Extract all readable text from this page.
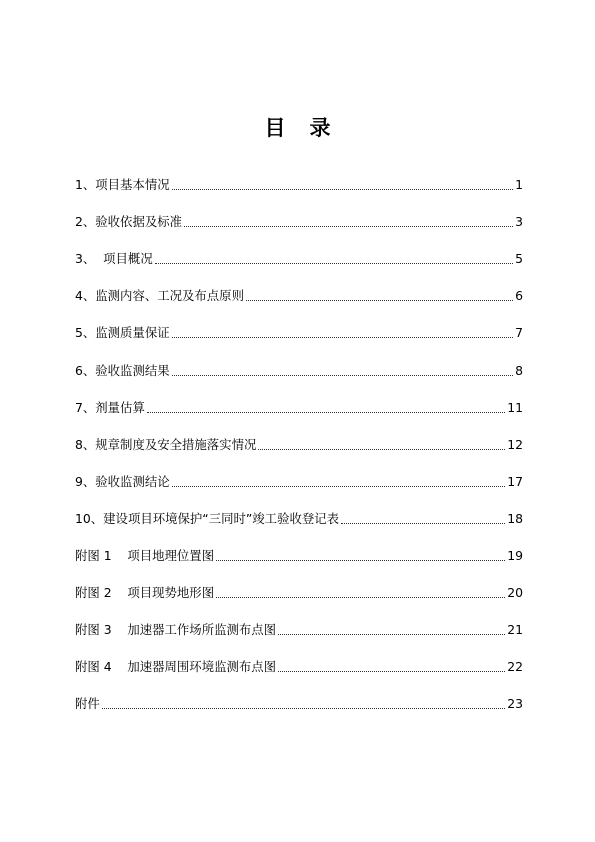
目 录
1、项目基本情况	1
2、验收依据及标准	3
3、  项目概况	5
4、监测内容、工况及布点原则	6
5、监测质量保证	7
6、验收监测结果	8
7、剂量估算	11
8、规章制度及安全措施落实情况	12
9、验收监测结论	17
10、建设项目环境保护“三同时”竣工验收登记表	18
附图 1    项目地理位置图	19
附图 2    项目现势地形图	20
附图 3    加速器工作场所监测布点图	21
附图 4    加速器周围环境监测布点图	22
附件	23
